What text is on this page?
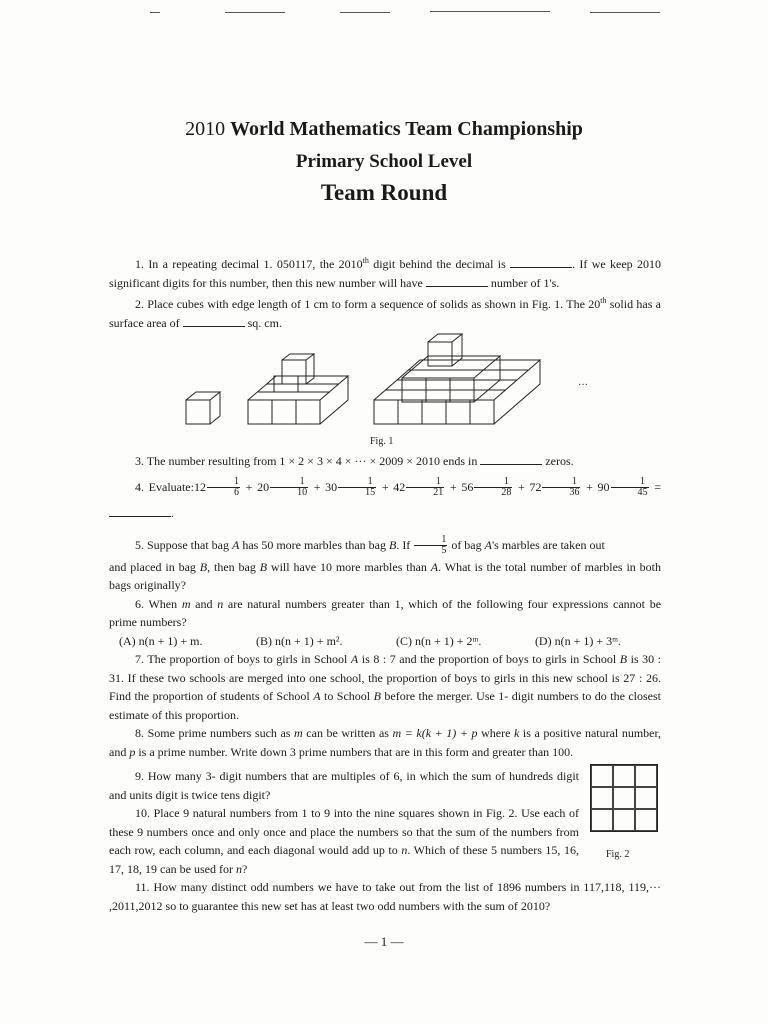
2010 World Mathematics Team Championship
Primary School Level
Team Round

1. In a repeating decimal 1. 050117, the 2010th digit behind the decimal is	. If we keep 2010 significant digits for this number, then this new number will have	number of 1's.

2. Place cubes with edge length of 1 cm to form a sequence of solids as shown in Fig. 1. The 20th solid has a surface area of	sq. cm.

···
Fig. 1

3. The number resulting from 1 × 2 × 3 × 4 × ··· × 2009 × 2010 ends in	zeros.

4. Evaluate:12 $\frac{1}{6} + 20 \frac{1}{10} + 30 \frac{1}{15} + 42 \frac{1}{21} + 56 \frac{1}{28} + 72 \frac{1}{36} + 90 \frac{1}{45}$ = .

5. Suppose that bag A has 50 more marbles than bag B. If $\frac{1}{5}$ of bag A's marbles are taken out

and placed in bag B, then bag B will have 10 more marbles than A. What is the total number of marbles in both bags originally?

6. When m and n are natural numbers greater than 1, which of the following four expressions cannot be prime numbers?

(A) n(n + 1) + m.	(B) n(n + 1) + m².	(C) n(n + 1) + 2ᵐ.	(D) n(n + 1) + 3ᵐ.

7. The proportion of boys to girls in School A is 8 : 7 and the proportion of boys to girls in School B is 30 : 31. If these two schools are merged into one school, the proportion of boys to girls in this new school is 27 : 26. Find the proportion of students of School A to School B before the merger. Use 1- digit numbers to do the closest estimate of this proportion.

8. Some prime numbers such as m can be written as m = k(k + 1) + p where k is a positive natural number, and p is a prime number. Write down 3 prime numbers that are in this form and greater than 100.

9. How many 3- digit numbers that are multiples of 6, in which the sum of hundreds digit and units digit is twice tens digit?

10. Place 9 natural numbers from 1 to 9 into the nine squares shown in Fig. 2. Use each of these 9 numbers once and only once and place the numbers so that the sum of the numbers from each row, each column, and each diagonal would add up to n. Which of these 5 numbers 15, 16, 17, 18, 19 can be used for n?

11. How many distinct odd numbers we have to take out from the list of 1896 numbers in 117,118, 119,··· ,2011,2012 so to guarantee this new set has at least two odd numbers with the sum of 2010?

Fig. 2
— 1 —
